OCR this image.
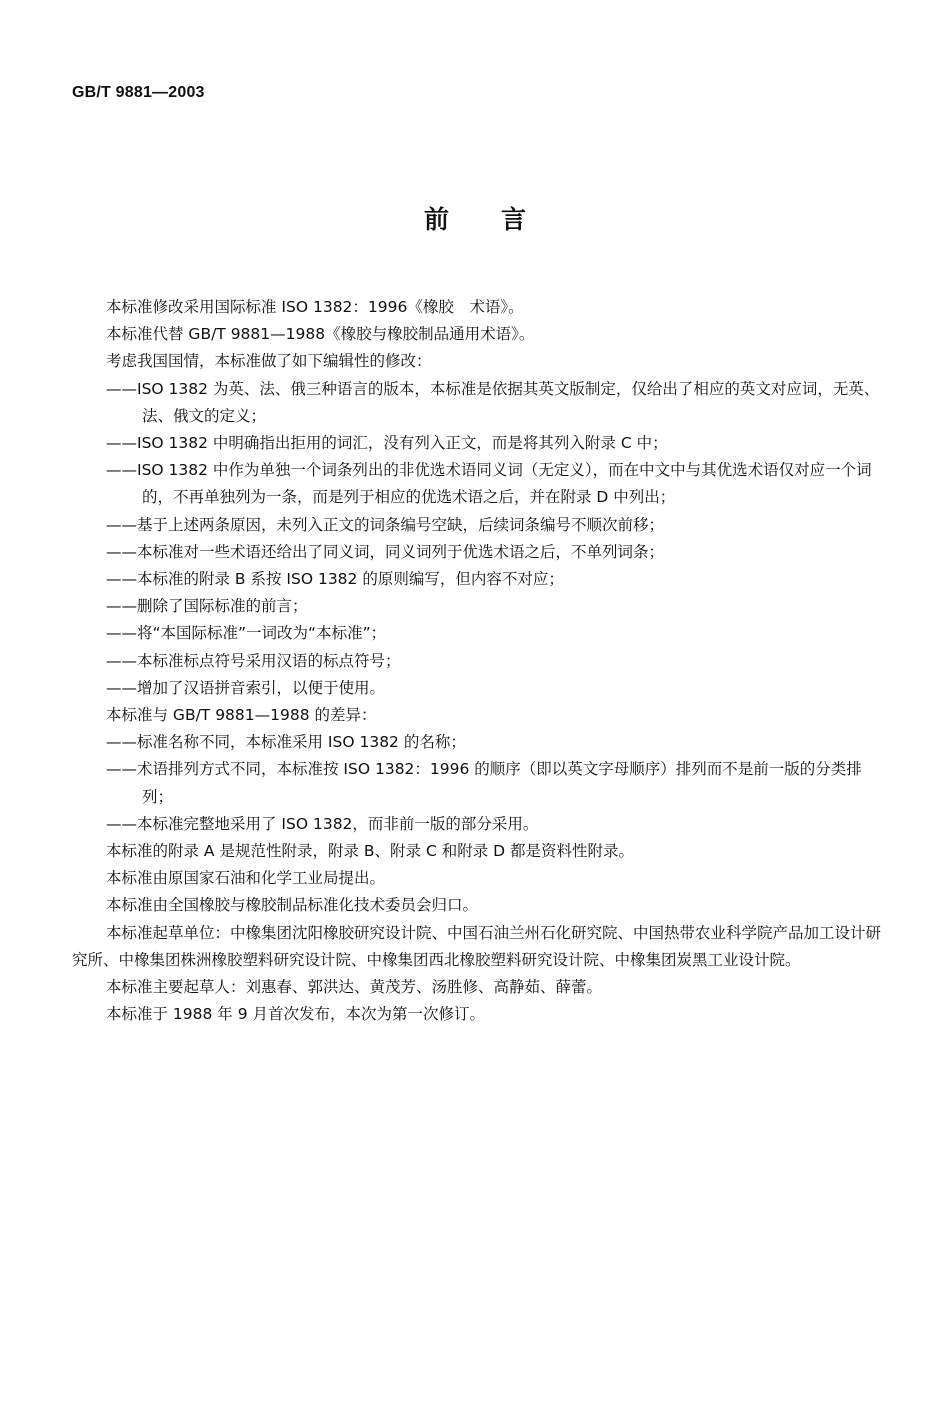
GB/T 9881—2003
前言

本标准修改采用国际标准 ISO 1382：1996《橡胶　术语》。

本标准代替 GB/T 9881—1988《橡胶与橡胶制品通用术语》。

考虑我国国情，本标准做了如下编辑性的修改：

——ISO 1382 为英、法、俄三种语言的版本，本标准是依据其英文版制定，仅给出了相应的英文对应词，无英、法、俄文的定义；

——ISO 1382 中明确指出拒用的词汇，没有列入正文，而是将其列入附录 C 中；

——ISO 1382 中作为单独一个词条列出的非优选术语同义词（无定义），而在中文中与其优选术语仅对应一个词的，不再单独列为一条，而是列于相应的优选术语之后，并在附录 D 中列出；

——基于上述两条原因，未列入正文的词条编号空缺，后续词条编号不顺次前移；

——本标准对一些术语还给出了同义词，同义词列于优选术语之后，不单列词条；

——本标准的附录 B 系按 ISO 1382 的原则编写，但内容不对应；

——删除了国际标准的前言；

——将“本国际标准”一词改为“本标准”；

——本标准标点符号采用汉语的标点符号；

——增加了汉语拼音索引，以便于使用。

本标准与 GB/T 9881—1988 的差异：

——标准名称不同，本标准采用 ISO 1382 的名称；

——术语排列方式不同，本标准按 ISO 1382：1996 的顺序（即以英文字母顺序）排列而不是前一版的分类排列；

——本标准完整地采用了 ISO 1382，而非前一版的部分采用。

本标准的附录 A 是规范性附录，附录 B、附录 C 和附录 D 都是资料性附录。

本标准由原国家石油和化学工业局提出。

本标准由全国橡胶与橡胶制品标准化技术委员会归口。

本标准起草单位：中橡集团沈阳橡胶研究设计院、中国石油兰州石化研究院、中国热带农业科学院产品加工设计研究所、中橡集团株洲橡胶塑料研究设计院、中橡集团西北橡胶塑料研究设计院、中橡集团炭黑工业设计院。

本标准主要起草人：刘惠春、郭洪达、黄茂芳、汤胜修、高静茹、薛蕾。

本标准于 1988 年 9 月首次发布，本次为第一次修订。
